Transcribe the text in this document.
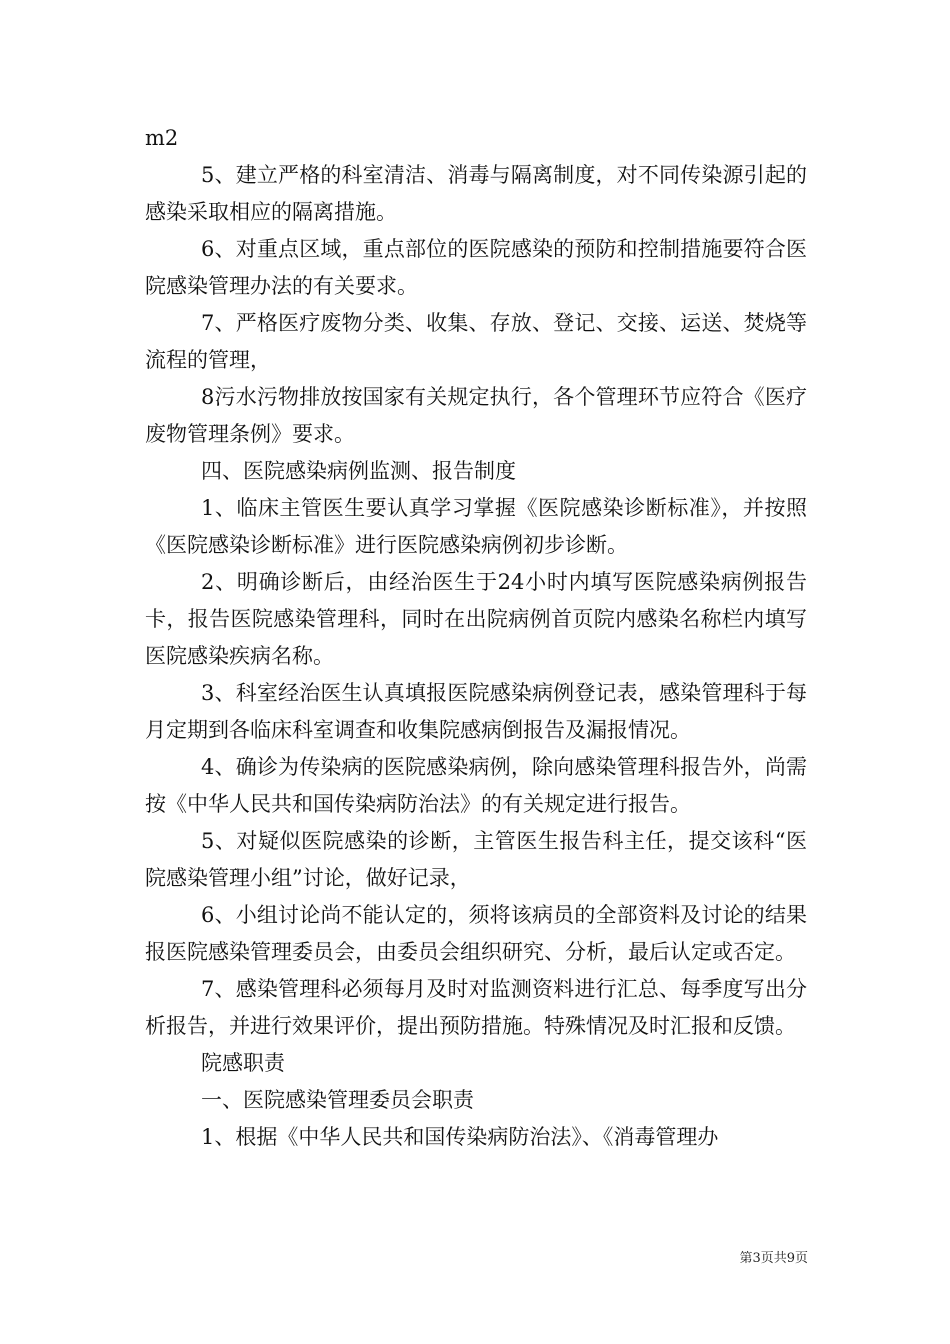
m2

5、建立严格的科室清洁、消毒与隔离制度，对不同传染源引起的感染采取相应的隔离措施。

6、对重点区域，重点部位的医院感染的预防和控制措施要符合医院感染管理办法的有关要求。

7、严格医疗废物分类、收集、存放、登记、交接、运送、焚烧等流程的管理，

8污水污物排放按国家有关规定执行，各个管理环节应符合《医疗废物管理条例》要求。

四、医院感染病例监测、报告制度

1、临床主管医生要认真学习掌握《医院感染诊断标准》，并按照《医院感染诊断标准》进行医院感染病例初步诊断。

2、明确诊断后，由经治医生于24小时内填写医院感染病例报告卡，报告医院感染管理科，同时在出院病例首页院内感染名称栏内填写医院感染疾病名称。

3、科室经治医生认真填报医院感染病例登记表，感染管理科于每月定期到各临床科室调查和收集院感病倒报告及漏报情况。

4、确诊为传染病的医院感染病例，除向感染管理科报告外，尚需按《中华人民共和国传染病防治法》的有关规定进行报告。

5、对疑似医院感染的诊断，主管医生报告科主任，提交该科“医院感染管理小组”讨论，做好记录，

6、小组讨论尚不能认定的，须将该病员的全部资料及讨论的结果报医院感染管理委员会，由委员会组织研究、分析，最后认定或否定。

7、感染管理科必须每月及时对监测资料进行汇总、每季度写出分析报告，并进行效果评价，提出预防措施。特殊情况及时汇报和反馈。

院感职责

一、医院感染管理委员会职责

1、根据《中华人民共和国传染病防治法》、《消毒管理办

第3页共9页
